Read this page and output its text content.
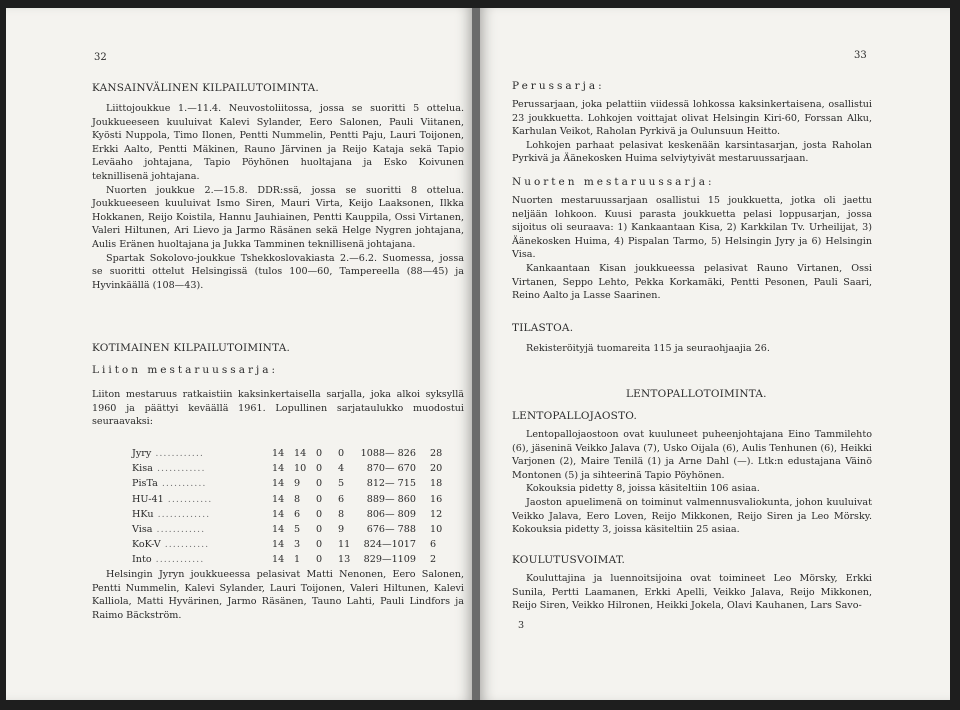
32
KANSAINVÄLINEN KILPAILUTOIMINTA.

Liittojoukkue 1.—11.4. Neuvostoliitossa, jossa se suoritti 5 ottelua. Joukkueeseen kuuluivat Kalevi Sylander, Eero Salonen, Pauli Viitanen, Kyösti Nuppola, Timo Ilonen, Pentti Nummelin, Pentti Paju, Lauri Toijonen, Erkki Aalto, Pentti Mäkinen, Rauno Järvinen ja Reijo Kataja sekä Tapio Leväaho johtajana, Tapio Pöyhönen huoltajana ja Esko Koivunen teknillisenä johtajana.

Nuorten joukkue 2.—15.8. DDR:ssä, jossa se suoritti 8 ottelua. Joukkueeseen kuuluivat Ismo Siren, Mauri Virta, Keijo Laaksonen, Ilkka Hokkanen, Reijo Koistila, Hannu Jauhiainen, Pentti Kauppila, Ossi Virtanen, Valeri Hiltunen, Ari Lievo ja Jarmo Räsänen sekä Helge Nygren johtajana, Aulis Eränen huoltajana ja Jukka Tamminen teknillisenä johtajana.

Spartak Sokolovo-joukkue Tshekkoslovakiasta 2.—6.2. Suomessa, jossa se suoritti ottelut Helsingissä (tulos 100—60, Tampereella (88—45) ja Hyvinkäällä (108—43).

KOTIMAINEN KILPAILUTOIMINTA.
Liiton mestaruussarja:

Liiton mestaruus ratkaistiin kaksinkertaisella sarjalla, joka alkoi syksyllä 1960 ja päättyi keväällä 1961. Lopullinen sarjataulukko muodostui seuraavaksi:

Jyry ............	14	14	0	0	1088— 826	28
Kisa ............	14	10	0	4	870— 670	20
PisTa ...........	14	9	0	5	812— 715	18
HU-41 ...........	14	8	0	6	889— 860	16
HKu .............	14	6	0	8	806— 809	12
Visa ............	14	5	0	9	676— 788	10
KoK-V ...........	14	3	0	11	824—1017	6
Into ............	14	1	0	13	829—1109	2

Helsingin Jyryn joukkueessa pelasivat Matti Nenonen, Eero Salonen, Pentti Nummelin, Kalevi Sylander, Lauri Toijonen, Valeri Hiltunen, Kalevi Kalliola, Matti Hyvärinen, Jarmo Räsänen, Tauno Lahti, Pauli Lindfors ja Raimo Bäckström.

33
Perussarja:

Perussarjaan, joka pelattiin viidessä lohkossa kaksinkertaisena, osallistui 23 joukkuetta. Lohkojen voittajat olivat Helsingin Kiri-60, Forssan Alku, Karhulan Veikot, Raholan Pyrkivä ja Oulunsuun Heitto.

Lohkojen parhaat pelasivat keskenään karsintasarjan, josta Raholan Pyrkivä ja Äänekosken Huima selviytyivät mestaruussarjaan.

Nuorten mestaruussarja:

Nuorten mestaruussarjaan osallistui 15 joukkuetta, jotka oli jaettu neljään lohkoon. Kuusi parasta joukkuetta pelasi loppusarjan, jossa sijoitus oli seuraava: 1) Kankaantaan Kisa, 2) Karkkilan Tv. Urheilijat, 3) Äänekosken Huima, 4) Pispalan Tarmo, 5) Helsingin Jyry ja 6) Helsingin Visa.

Kankaantaan Kisan joukkueessa pelasivat Rauno Virtanen, Ossi Virtanen, Seppo Lehto, Pekka Korkamäki, Pentti Pesonen, Pauli Saari, Reino Aalto ja Lasse Saarinen.

TILASTOA.

Rekisteröityjä tuomareita 115 ja seuraohjaajia 26.

LENTOPALLOTOIMINTA.
LENTOPALLOJAOSTO.

Lentopallojaostoon ovat kuuluneet puheenjohtajana Eino Tammilehto (6), jäseninä Veikko Jalava (7), Usko Oijala (6), Aulis Tenhunen (6), Heikki Varjonen (2), Maire Tenilä (1) ja Arne Dahl (—). Ltk:n edustajana Väinö Montonen (5) ja sihteerinä Tapio Pöyhönen.

Kokouksia pidetty 8, joissa käsiteltiin 106 asiaa.

Jaoston apuelimenä on toiminut valmennusvaliokunta, johon kuuluivat Veikko Jalava, Eero Loven, Reijo Mikkonen, Reijo Siren ja Leo Mörsky. Kokouksia pidetty 3, joissa käsiteltiin 25 asiaa.

KOULUTUSVOIMAT.

Kouluttajina ja luennoitsijoina ovat toimineet Leo Mörsky, Erkki Sunila, Pertti Laamanen, Erkki Apelli, Veikko Jalava, Reijo Mikkonen, Reijo Siren, Veikko Hilronen, Heikki Jokela, Olavi Kauhanen, Lars Savo-

3
